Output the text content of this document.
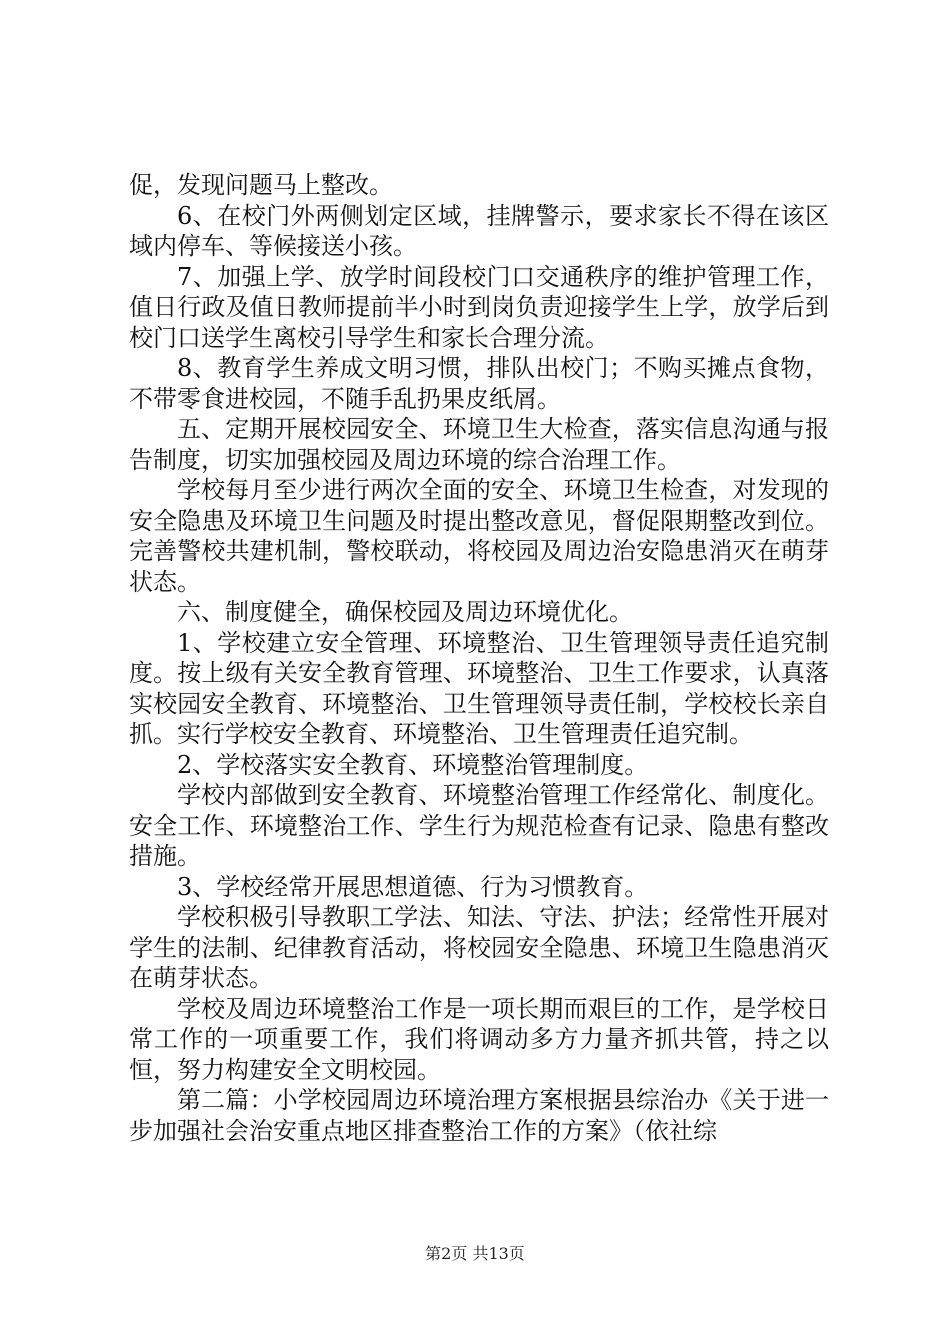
促，发现问题马上整改。

6、在校门外两侧划定区域，挂牌警示，要求家长不得在该区域内停车、等候接送小孩。

7、加强上学、放学时间段校门口交通秩序的维护管理工作，值日行政及值日教师提前半小时到岗负责迎接学生上学，放学后到校门口送学生离校引导学生和家长合理分流。

8、教育学生养成文明习惯，排队出校门；不购买摊点食物，不带零食进校园，不随手乱扔果皮纸屑。

五、定期开展校园安全、环境卫生大检查，落实信息沟通与报告制度，切实加强校园及周边环境的综合治理工作。

学校每月至少进行两次全面的安全、环境卫生检查，对发现的安全隐患及环境卫生问题及时提出整改意见，督促限期整改到位。完善警校共建机制，警校联动，将校园及周边治安隐患消灭在萌芽状态。

六、制度健全，确保校园及周边环境优化。

1、学校建立安全管理、环境整治、卫生管理领导责任追究制度。按上级有关安全教育管理、环境整治、卫生工作要求，认真落实校园安全教育、环境整治、卫生管理领导责任制，学校校长亲自抓。实行学校安全教育、环境整治、卫生管理责任追究制。

2、学校落实安全教育、环境整治管理制度。

学校内部做到安全教育、环境整治管理工作经常化、制度化。安全工作、环境整治工作、学生行为规范检查有记录、隐患有整改措施。

3、学校经常开展思想道德、行为习惯教育。

学校积极引导教职工学法、知法、守法、护法；经常性开展对学生的法制、纪律教育活动，将校园安全隐患、环境卫生隐患消灭在萌芽状态。

学校及周边环境整治工作是一项长期而艰巨的工作，是学校日常工作的一项重要工作，我们将调动多方力量齐抓共管，持之以恒，努力构建安全文明校园。

第二篇：小学校园周边环境治理方案根据县综治办《关于进一步加强社会治安重点地区排查整治工作的方案》（依社综

第2页 共13页
